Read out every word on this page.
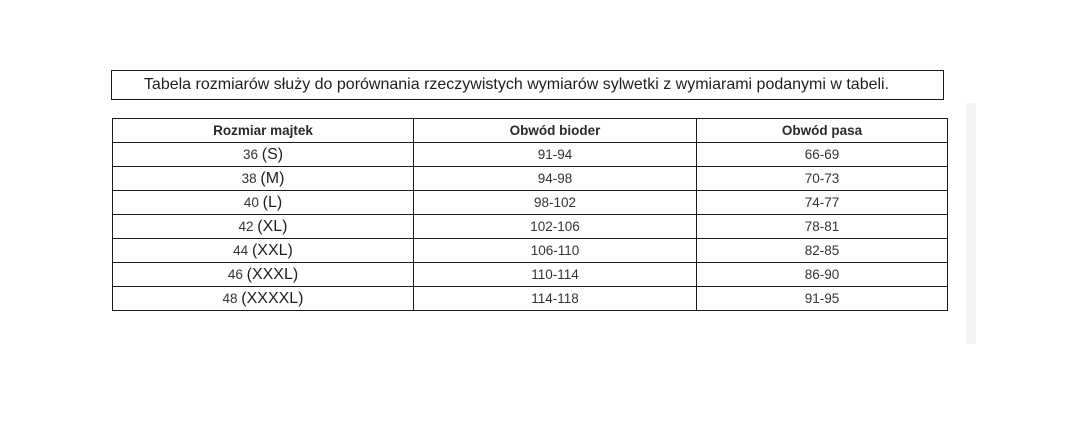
Tabela rozmiarów służy do porównania rzeczywistych wymiarów sylwetki z wymiarami podanymi w tabeli.
Rozmiar majtek	Obwód bioder	Obwód pasa
36 (S)	91-94	66-69
38 (M)	94-98	70-73
40 (L)	98-102	74-77
42 (XL)	102-106	78-81
44 (XXL)	106-110	82-85
46 (XXXL)	110-114	86-90
48 (XXXXL)	114-118	91-95
